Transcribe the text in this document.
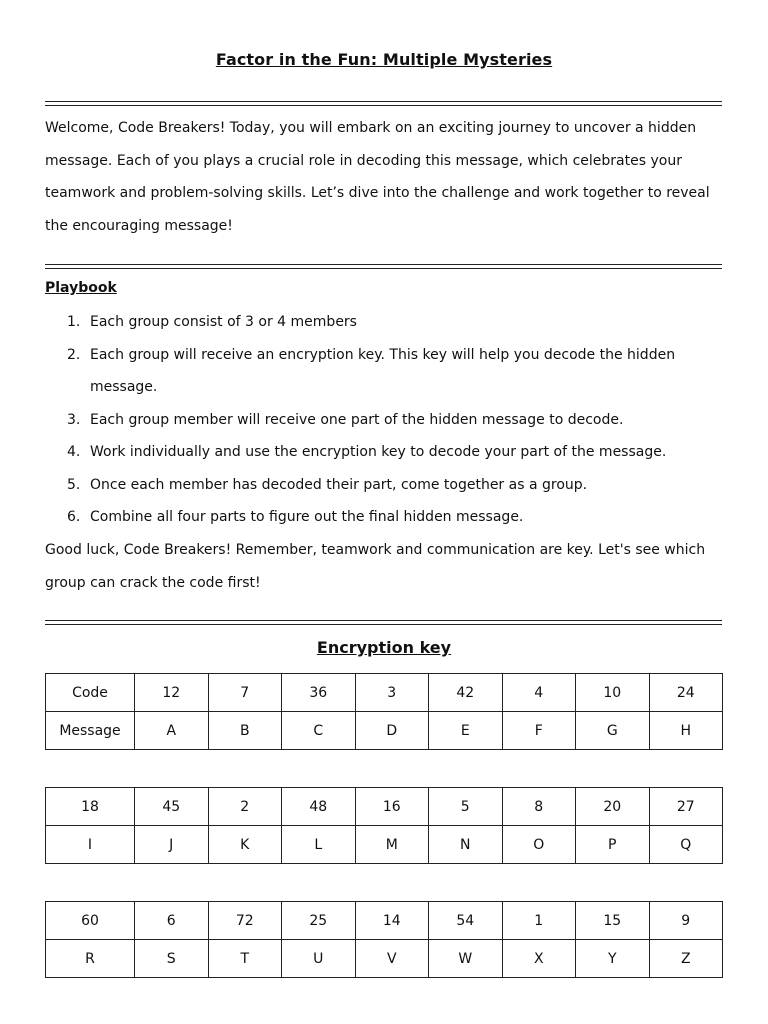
Factor in the Fun: Multiple Mysteries

Welcome, Code Breakers! Today, you will embark on an exciting journey to uncover a hidden message. Each of you plays a crucial role in decoding this message, which celebrates your teamwork and problem-solving skills. Let’s dive into the challenge and work together to reveal the encouraging message!

Playbook
1. Each group consist of 3 or 4 members
2. Each group will receive an encryption key. This key will help you decode the hidden message.
3. Each group member will receive one part of the hidden message to decode.
4. Work individually and use the encryption key to decode your part of the message.
5. Once each member has decoded their part, come together as a group.
6. Combine all four parts to figure out the final hidden message.

Good luck, Code Breakers! Remember, teamwork and communication are key. Let's see which group can crack the code first!

Encryption key
Code	12	7	36	3	42	4	10	24
Message	A	B	C	D	E	F	G	H
18	45	2	48	16	5	8	20	27
I	J	K	L	M	N	O	P	Q
60	6	72	25	14	54	1	15	9
R	S	T	U	V	W	X	Y	Z
